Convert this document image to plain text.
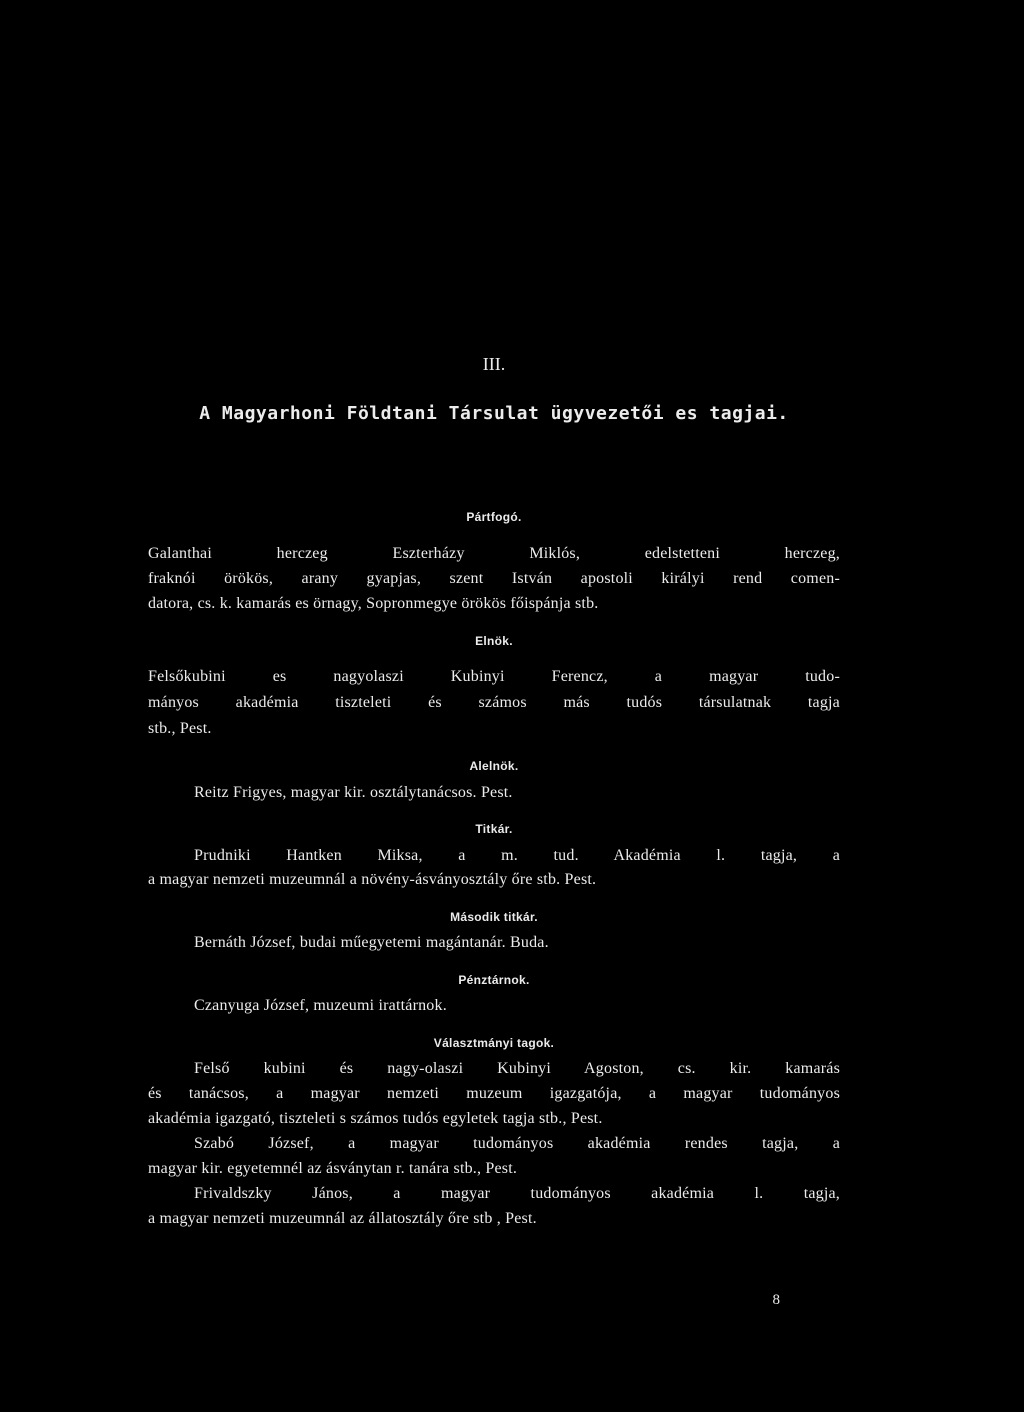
III.
A Magyarhoni Földtani Társulat ügyvezetői es tagjai.
Pártfogó.
Galanthai herczeg Eszterházy Miklós, edelstetteni herczeg,
fraknói örökös, arany gyapjas, szent István apostoli királyi rend comen-
datora, cs. k. kamarás es örnagy, Sopronmegye örökös főispánja stb.
Elnök.
Felsőkubini es nagyolaszi Kubinyi Ferencz, a magyar tudo-
mányos akadémia tiszteleti és számos más tudós társulatnak tagja
stb., Pest.
Alelnök.
Reitz Frigyes, magyar kir. osztálytanácsos. Pest.
Titkár.
Prudniki Hantken Miksa, a m. tud. Akadémia l. tagja, a
a magyar nemzeti muzeumnál a növény-ásványosztály őre stb. Pest.
Második titkár.
Bernáth József, budai műegyetemi magántanár. Buda.
Pénztárnok.
Czanyuga József, muzeumi irattárnok.
Választmányi tagok.
Felső kubini és nagy-olaszi Kubinyi Agoston, cs. kir. kamarás
és tanácsos, a magyar nemzeti muzeum igazgatója, a magyar tudományos
akadémia igazgató, tiszteleti s számos tudós egyletek tagja stb., Pest.
Szabó József, a magyar tudományos akadémia rendes tagja, a
magyar kir. egyetemnél az ásványtan r. tanára stb., Pest.
Frivaldszky János, a magyar tudományos akadémia l. tagja,
a magyar nemzeti muzeumnál az állatosztály őre stb , Pest.
8
